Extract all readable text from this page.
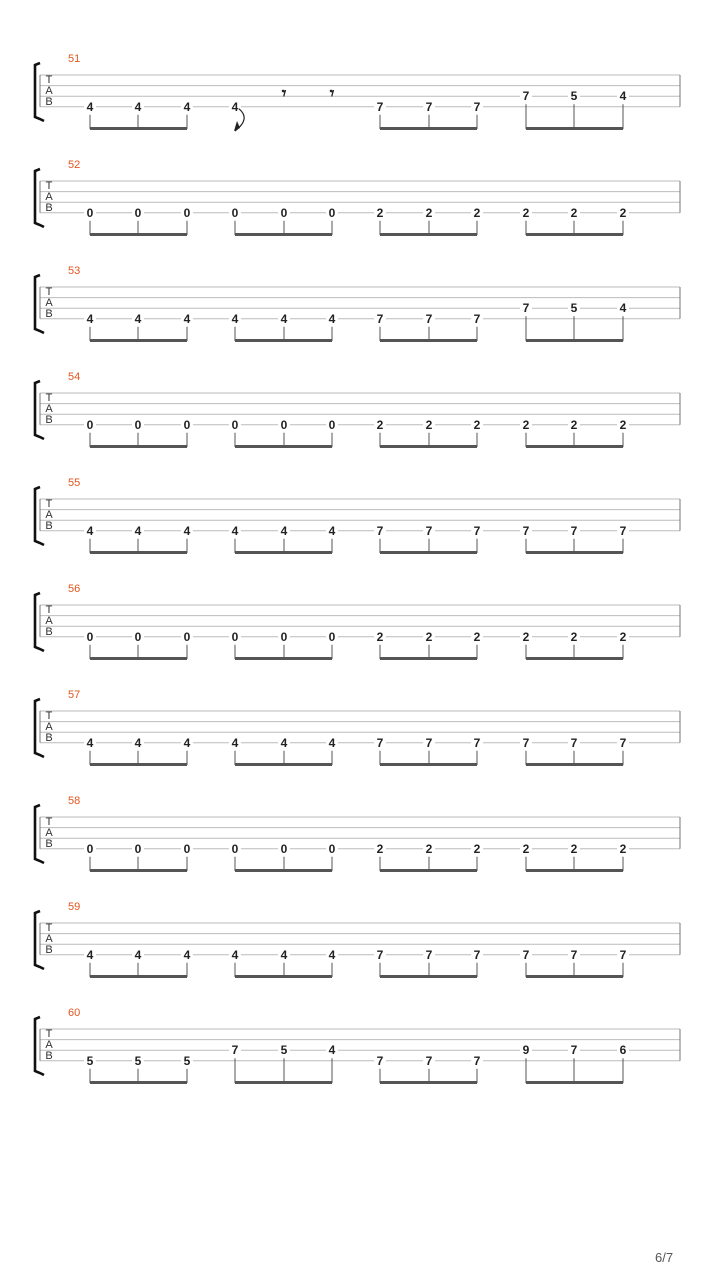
T
A
B
51
4	4	4	4
𝄾	𝄾
7	7	7
7	5	4
T
A
B
52
0	0	0	0	0	0	2	2	2	2	2	2
T
A
B
53
4	4	4	4	4	4	7	7	7
7	5	4
T
A
B
54
0	0	0	0	0	0	2	2	2	2	2	2
T
A
B
55
4	4	4	4	4	4	7	7	7	7	7	7
T
A
B
56
0	0	0	0	0	0	2	2	2	2	2	2
T
A
B
57
4	4	4	4	4	4	7	7	7	7	7	7
T
A
B
58
0	0	0	0	0	0	2	2	2	2	2	2
T
A
B
59
4	4	4	4	4	4	7	7	7	7	7	7
T
A
B
60
5	5	5
7	5	4
7	7	7
9	7	6
6/7
